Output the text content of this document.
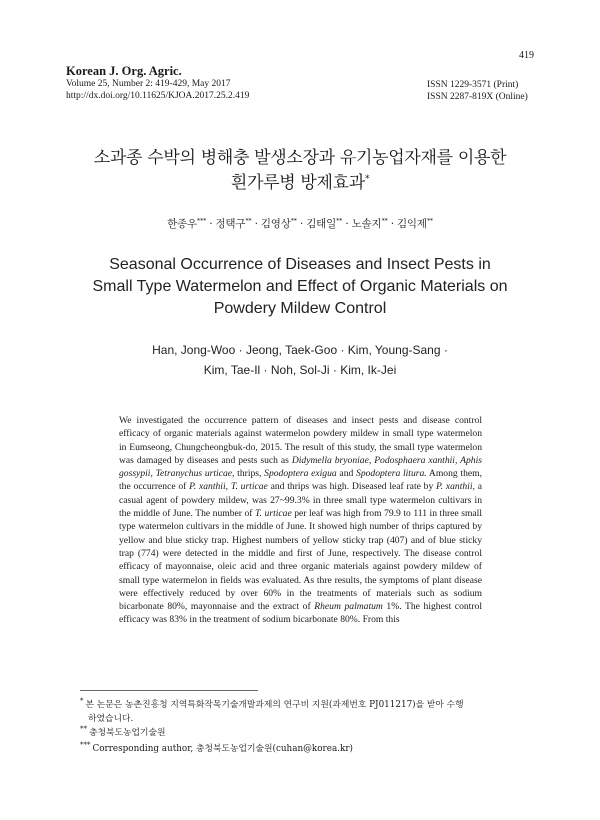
Korean J. Org. Agric.
Volume 25, Number 2: 419-429, May 2017
http://dx.doi.org/10.11625/KJOA.2017.25.2.419
419
ISSN 1229-3571 (Print)
ISSN 2287-819X (Online)
소과종 수박의 병해충 발생소장과 유기농업자재를 이용한
흰가루병 방제효과*
한종우*** · 정택구** · 김영상** · 김태일** · 노솔지** · 김익제**
Seasonal Occurrence of Diseases and Insect Pests in
Small Type Watermelon and Effect of Organic Materials on
Powdery Mildew Control
Han, Jong-Woo · Jeong, Taek-Goo · Kim, Young-Sang ·
Kim, Tae-Il · Noh, Sol-Ji · Kim, Ik-Jei

We investigated the occurrence pattern of diseases and insect pests and disease control efficacy of organic materials against watermelon powdery mildew in small type watermelon in Eumseong, Chungcheongbuk-do, 2015. The result of this study, the small type watermelon was damaged by diseases and pests such as Didymella bryoniae, Podosphaera xanthii, Aphis gossypii, Tetranychus urticae, thrips, Spodoptera exigua and Spodoptera litura. Among them, the occurrence of P. xanthii, T. urticae and thrips was high. Diseased leaf rate by P. xanthii, a casual agent of powdery mildew, was 27~99.3% in three small type watermelon cultivars in the middle of June. The number of T. urticae per leaf was high from 79.9 to 111 in three small type watermelon cultivars in the middle of June. It showed high number of thrips captured by yellow and blue sticky trap. Highest numbers of yellow sticky trap (407) and of blue sticky trap (774) were detected in the middle and first of June, respectively. The disease control efficacy of mayonnaise, oleic acid and three organic materials against powdery mildew of small type watermelon in fields was evaluated. As thre results, the symptoms of plant disease were effectively reduced by over 60% in the treatments of materials such as sodium bicarbonate 80%, mayonnaise and the extract of Rheum palmatum 1%. The highest control efficacy was 83% in the treatment of sodium bicarbonate 80%. From this

* 본 논문은 농촌진흥청 지역특화작목기술개발과제의 연구비 지원(과제번호 PJ011217)을 받아 수행
하였습니다.
** 충청북도농업기술원
*** Corresponding author, 충청북도농업기술원(cuhan@korea.kr)
